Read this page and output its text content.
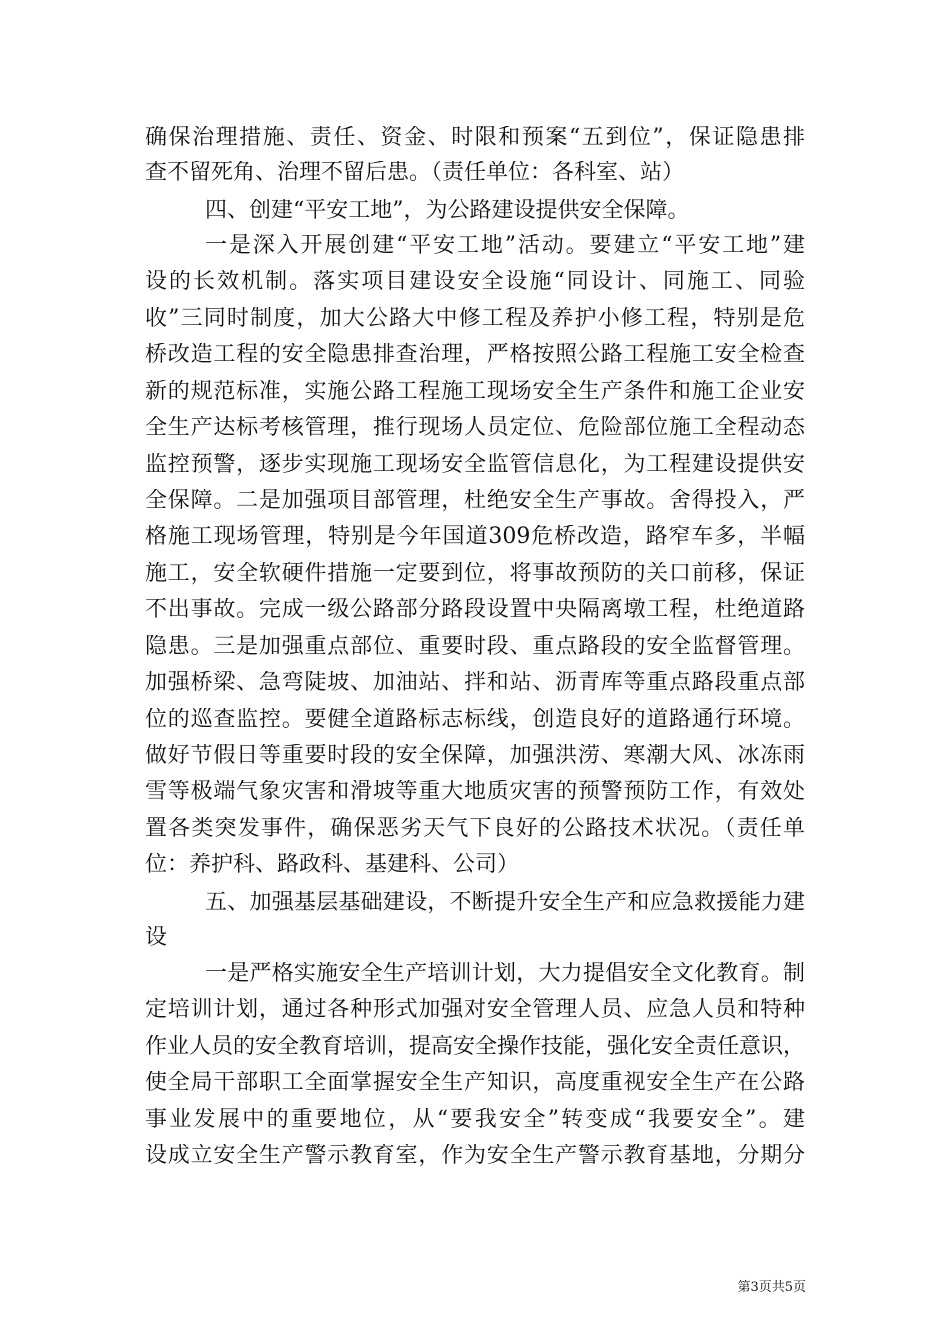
确保治理措施、责任、资金、时限和预案“五到位”，保证隐患排
查不留死角、治理不留后患。（责任单位：各科室、站）
四、创建“平安工地”，为公路建设提供安全保障。
一是深入开展创建“平安工地”活动。要建立“平安工地”建
设的长效机制。落实项目建设安全设施“同设计、同施工、同验
收”三同时制度，加大公路大中修工程及养护小修工程，特别是危
桥改造工程的安全隐患排查治理，严格按照公路工程施工安全检查
新的规范标准，实施公路工程施工现场安全生产条件和施工企业安
全生产达标考核管理，推行现场人员定位、危险部位施工全程动态
监控预警，逐步实现施工现场安全监管信息化，为工程建设提供安
全保障。二是加强项目部管理，杜绝安全生产事故。舍得投入，严
格施工现场管理，特别是今年国道309危桥改造，路窄车多，半幅
施工，安全软硬件措施一定要到位，将事故预防的关口前移，保证
不出事故。完成一级公路部分路段设置中央隔离墩工程，杜绝道路
隐患。三是加强重点部位、重要时段、重点路段的安全监督管理。
加强桥梁、急弯陡坡、加油站、拌和站、沥青库等重点路段重点部
位的巡查监控。要健全道路标志标线，创造良好的道路通行环境。
做好节假日等重要时段的安全保障，加强洪涝、寒潮大风、冰冻雨
雪等极端气象灾害和滑坡等重大地质灾害的预警预防工作，有效处
置各类突发事件，确保恶劣天气下良好的公路技术状况。（责任单
位：养护科、路政科、基建科、公司）
五、加强基层基础建设，不断提升安全生产和应急救援能力建
设
一是严格实施安全生产培训计划，大力提倡安全文化教育。制
定培训计划，通过各种形式加强对安全管理人员、应急人员和特种
作业人员的安全教育培训，提高安全操作技能，强化安全责任意识，
使全局干部职工全面掌握安全生产知识，高度重视安全生产在公路
事业发展中的重要地位，从“要我安全”转变成“我要安全”。建
设成立安全生产警示教育室，作为安全生产警示教育基地，分期分
第3页共5页
